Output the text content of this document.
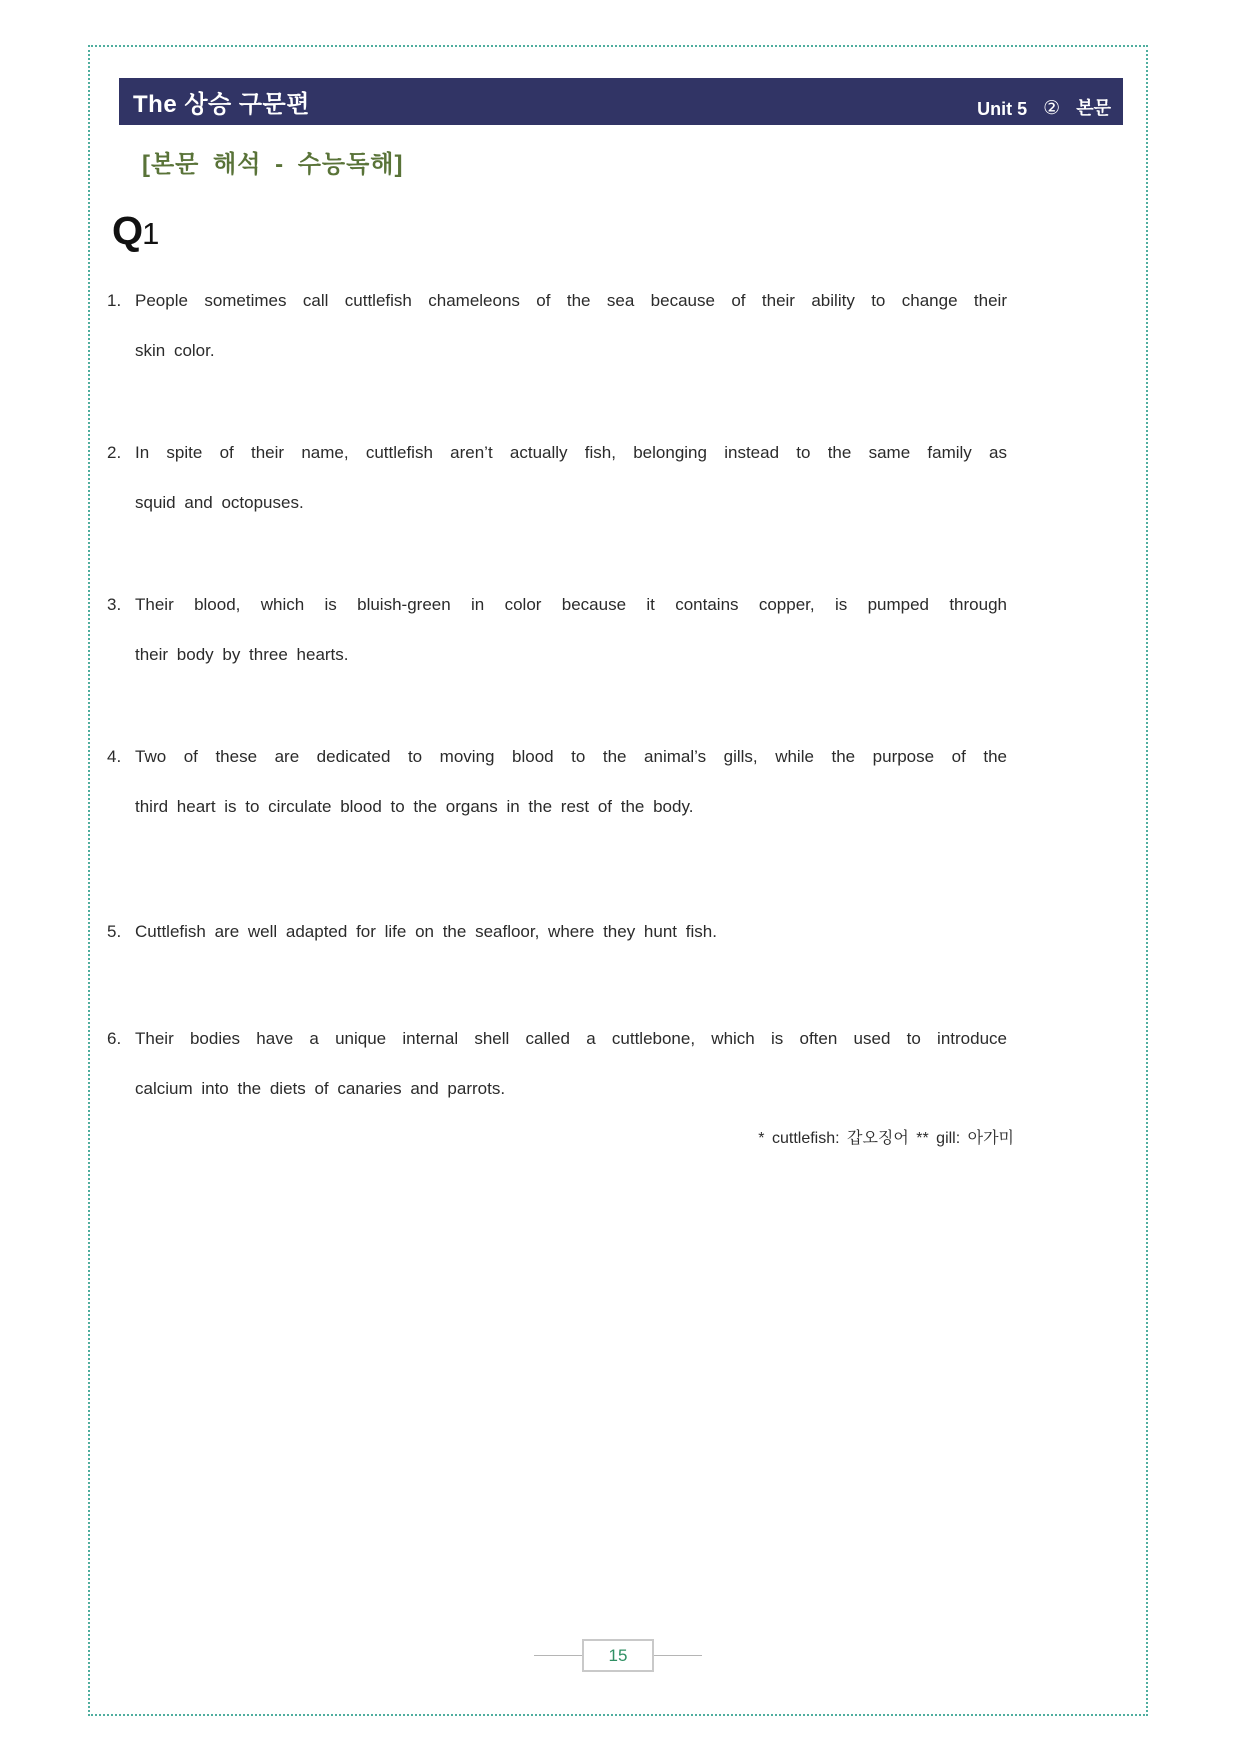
The 상승 구문편	Unit 5 ② 본문
[본문 해석 - 수능독해]
Q1
1. People sometimes call cuttlefish chameleons of the sea because of their ability to change their
skin color.
2. In spite of their name, cuttlefish aren’t actually fish, belonging instead to the same family as
squid and octopuses.
3. Their blood, which is bluish-green in color because it contains copper, is pumped through
their body by three hearts.
4. Two of these are dedicated to moving blood to the animal’s gills, while the purpose of the
third heart is to circulate blood to the organs in the rest of the body.
5. Cuttlefish are well adapted for life on the seafloor, where they hunt fish.
6. Their bodies have a unique internal shell called a cuttlebone, which is often used to introduce
calcium into the diets of canaries and parrots.
* cuttlefish: 갑오징어 ** gill: 아가미
15
